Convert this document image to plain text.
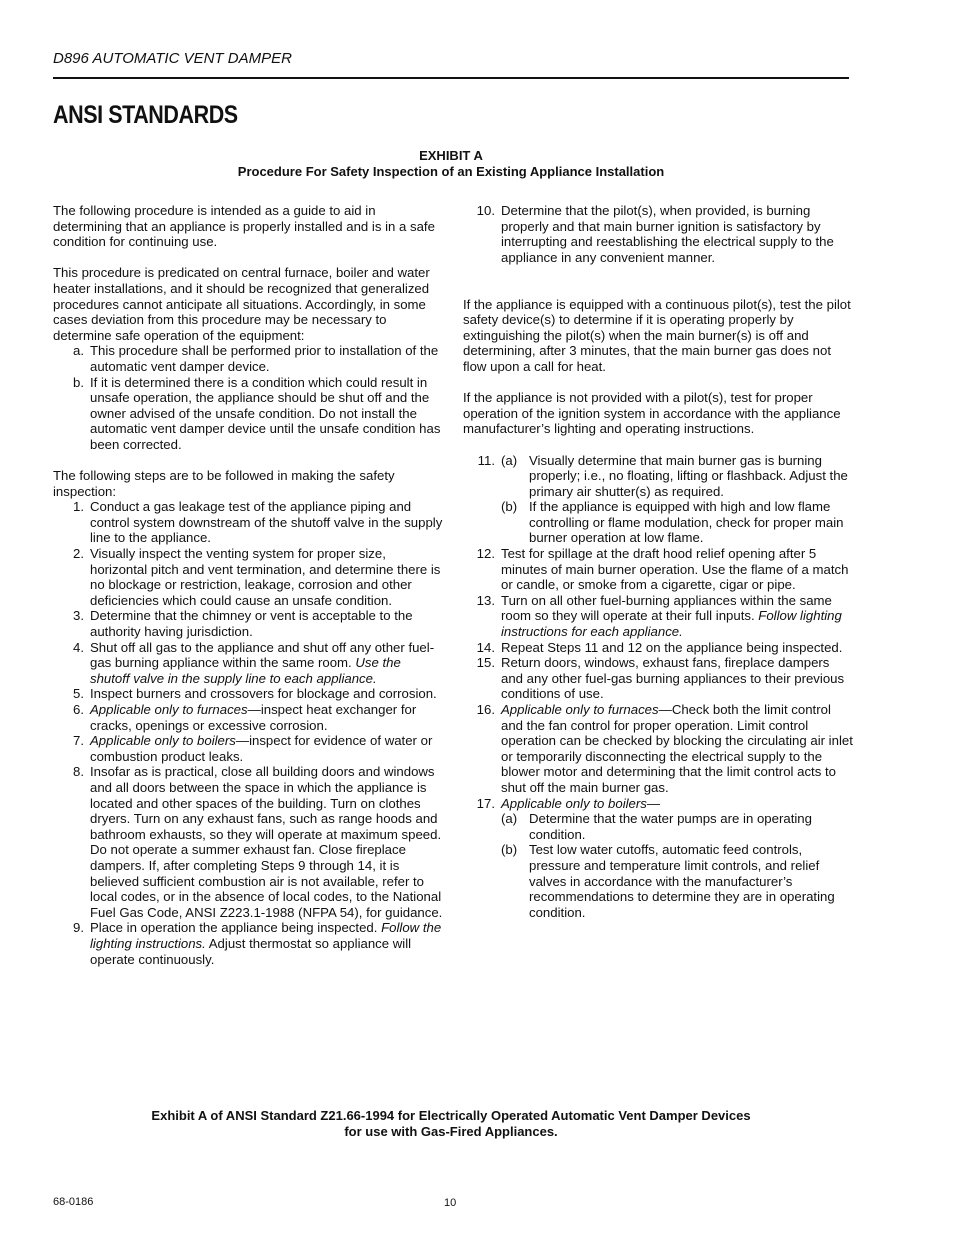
D896 AUTOMATIC VENT DAMPER
ANSI STANDARDS
EXHIBIT A
Procedure For Safety Inspection of an Existing Appliance Installation

The following procedure is intended as a guide to aid in determining that an appliance is properly installed and is in a safe condition for continuing use.

This procedure is predicated on central furnace, boiler and water heater installations, and it should be recognized that generalized procedures cannot anticipate all situations. Accordingly, in some cases deviation from this procedure may be necessary to determine safe operation of the equipment:

a. This procedure shall be performed prior to installation of the automatic vent damper device.
b. If it is determined there is a condition which could result in unsafe operation, the appliance should be shut off and the owner advised of the unsafe condition. Do not install the automatic vent damper device until the unsafe condition has been corrected.

The following steps are to be followed in making the safety inspection:

1. Conduct a gas leakage test of the appliance piping and control system downstream of the shutoff valve in the supply line to the appliance.
2. Visually inspect the venting system for proper size, horizontal pitch and vent termination, and determine there is no blockage or restriction, leakage, corrosion and other deficiencies which could cause an unsafe condition.
3. Determine that the chimney or vent is acceptable to the authority having jurisdiction.
4. Shut off all gas to the appliance and shut off any other fuel-gas burning appliance within the same room. Use the shutoff valve in the supply line to each appliance.
5. Inspect burners and crossovers for blockage and corrosion.
6. Applicable only to furnaces—inspect heat exchanger for cracks, openings or excessive corrosion.
7. Applicable only to boilers—inspect for evidence of water or combustion product leaks.
8. Insofar as is practical, close all building doors and windows and all doors between the space in which the appliance is located and other spaces of the building. Turn on clothes dryers. Turn on any exhaust fans, such as range hoods and bathroom exhausts, so they will operate at maximum speed. Do not operate a summer exhaust fan. Close fireplace dampers. If, after completing Steps 9 through 14, it is believed sufficient combustion air is not available, refer to local codes, or in the absence of local codes, to the National Fuel Gas Code, ANSI Z223.1-1988 (NFPA 54), for guidance.
9. Place in operation the appliance being inspected. Follow the lighting instructions. Adjust thermostat so appliance will operate continuously.
10. Determine that the pilot(s), when provided, is burning properly and that main burner ignition is satisfactory by interrupting and reestablishing the electrical supply to the appliance in any convenient manner.

If the appliance is equipped with a continuous pilot(s), test the pilot safety device(s) to determine if it is operating properly by extinguishing the pilot(s) when the main burner(s) is off and determining, after 3 minutes, that the main burner gas does not flow upon a call for heat.

If the appliance is not provided with a pilot(s), test for proper operation of the ignition system in accordance with the appliance manufacturer’s lighting and operating instructions.

11. (a) Visually determine that main burner gas is burning properly; i.e., no floating, lifting or flashback. Adjust the primary air shutter(s) as required.
(b) If the appliance is equipped with high and low flame controlling or flame modulation, check for proper main burner operation at low flame.
12. Test for spillage at the draft hood relief opening after 5 minutes of main burner operation. Use the flame of a match or candle, or smoke from a cigarette, cigar or pipe.
13. Turn on all other fuel-burning appliances within the same room so they will operate at their full inputs. Follow lighting instructions for each appliance.
14. Repeat Steps 11 and 12 on the appliance being inspected.
15. Return doors, windows, exhaust fans, fireplace dampers and any other fuel-gas burning appliances to their previous conditions of use.
16. Applicable only to furnaces—Check both the limit control and the fan control for proper operation. Limit control operation can be checked by blocking the circulating air inlet or temporarily disconnecting the electrical supply to the blower motor and determining that the limit control acts to shut off the main burner gas.
17. Applicable only to boilers—
(a) Determine that the water pumps are in operating condition.
(b) Test low water cutoffs, automatic feed controls, pressure and temperature limit controls, and relief valves in accordance with the manufacturer’s recommendations to determine they are in operating condition.
Exhibit A of ANSI Standard Z21.66-1994 for Electrically Operated Automatic Vent Damper Devices
for use with Gas-Fired Appliances.
68-0186	10
